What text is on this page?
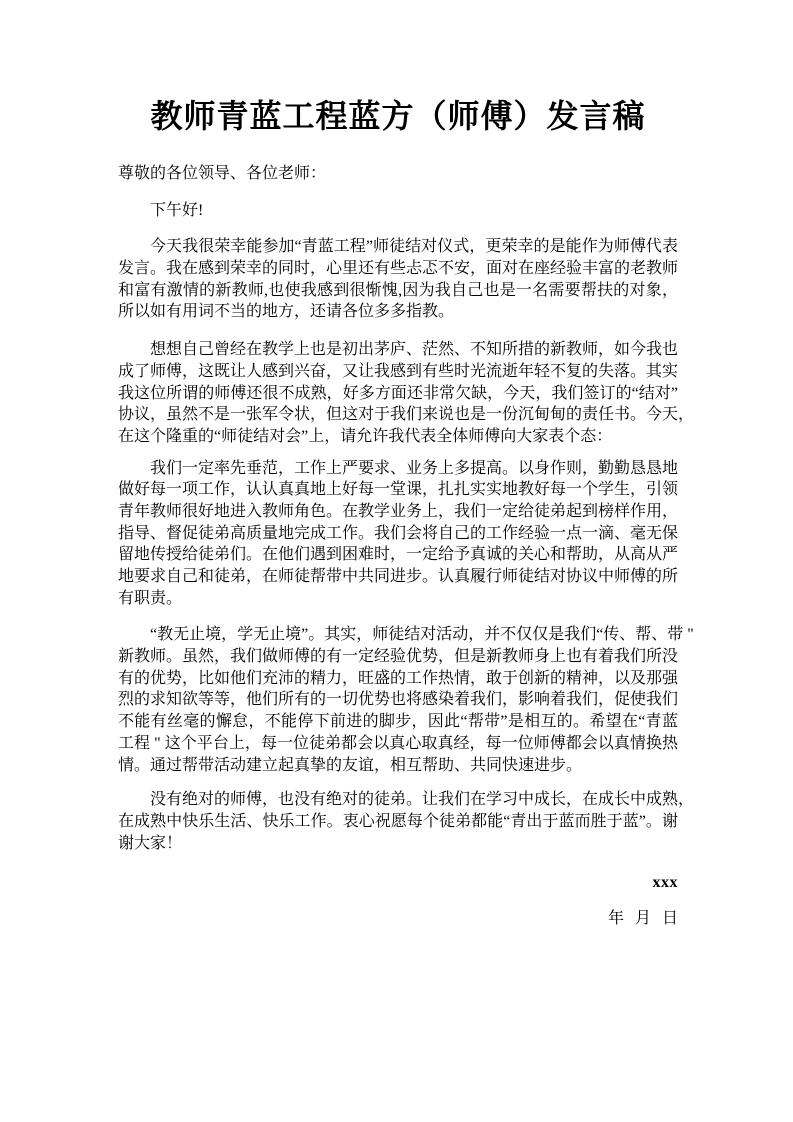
教师青蓝工程蓝方（师傅）发言稿
尊敬的各位领导、各位老师：
下午好!
今天我很荣幸能参加“青蓝工程”师徒结对仪式，更荣幸的是能作为师傅代表
发言。我在感到荣幸的同时，心里还有些忐忑不安，面对在座经验丰富的老教师
和富有激情的新教师,也使我感到很惭愧,因为我自己也是一名需要帮扶的对象，
所以如有用词不当的地方，还请各位多多指教。
想想自己曾经在教学上也是初出茅庐、茫然、不知所措的新教师，如今我也
成了师傅，这既让人感到兴奋，又让我感到有些时光流逝年轻不复的失落。其实
我这位所谓的师傅还很不成熟，好多方面还非常欠缺，今天，我们签订的“结对”
协议，虽然不是一张军令状，但这对于我们来说也是一份沉甸甸的责任书。今天，
在这个隆重的“师徒结对会”上，请允许我代表全体师傅向大家表个态：
我们一定率先垂范，工作上严要求、业务上多提高。以身作则，勤勤恳恳地
做好每一项工作，认认真真地上好每一堂课，扎扎实实地教好每一个学生，引领
青年教师很好地进入教师角色。在教学业务上，我们一定给徒弟起到榜样作用，
指导、督促徒弟高质量地完成工作。我们会将自己的工作经验一点一滴、毫无保
留地传授给徒弟们。在他们遇到困难时，一定给予真诚的关心和帮助，从高从严
地要求自己和徒弟，在师徒帮带中共同进步。认真履行师徒结对协议中师傅的所
有职责。
“教无止境，学无止境”。其实，师徒结对活动，并不仅仅是我们“传、帮、带 "
新教师。虽然，我们做师傅的有一定经验优势，但是新教师身上也有着我们所没
有的优势，比如他们充沛的精力，旺盛的工作热情，敢于创新的精神，以及那强
烈的求知欲等等，他们所有的一切优势也将感染着我们，影响着我们，促使我们
不能有丝毫的懈怠，不能停下前进的脚步，因此“帮带”是相互的。希望在“青蓝
工程 " 这个平台上，每一位徒弟都会以真心取真经，每一位师傅都会以真情换热
情。通过帮带活动建立起真挚的友谊，相互帮助、共同快速进步。
没有绝对的师傅，也没有绝对的徒弟。让我们在学习中成长，在成长中成熟，
在成熟中快乐生活、快乐工作。衷心祝愿每个徒弟都能“青出于蓝而胜于蓝”。谢
谢大家！
xxx
年 月 日
